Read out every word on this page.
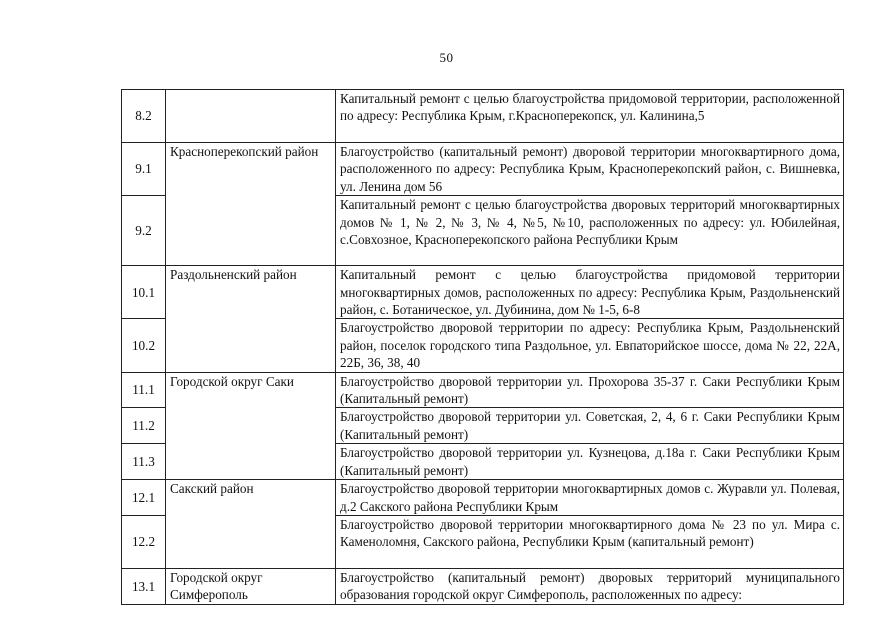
50
8.2		Капитальный ремонт с целью благоустройства придомовой территории, расположенной по адресу: Республика Крым, г.Красноперекопск, ул. Калинина,5
9.1	Красноперекопский район	Благоустройство (капитальный ремонт) дворовой территории многоквартирного дома, расположенного по адресу: Республика Крым, Красноперекопский район, с. Вишневка, ул. Ленина дом 56
9.2		Капитальный ремонт с целью благоустройства дворовых территорий многоквартирных домов № 1, № 2, № 3, № 4, №5, №10, расположенных по адресу: ул. Юбилейная, с.Совхозное, Красноперекопского района Республики Крым
10.1	Раздольненский район	Капитальный ремонт с целью благоустройства придомовой территории многоквартирных домов, расположенных по адресу: Республика Крым, Раздольненский район, с. Ботаническое, ул. Дубинина, дом № 1-5, 6-8
10.2		Благоустройство дворовой территории по адресу: Республика Крым, Раздольненский район, поселок городского типа Раздольное, ул. Евпаторийское шоссе, дома № 22, 22А, 22Б, 36, 38, 40
11.1	Городской округ Саки	Благоустройство дворовой территории ул. Прохорова 35-37 г. Саки Республики Крым (Капитальный ремонт)
11.2		Благоустройство дворовой территории ул. Советская, 2, 4, 6 г. Саки Республики Крым (Капитальный ремонт)
11.3		Благоустройство дворовой территории ул. Кузнецова, д.18а г. Саки Республики Крым (Капитальный ремонт)
12.1	Сакский район	Благоустройство дворовой территории многоквартирных домов с. Журавли ул. Полевая, д.2 Сакского района Республики Крым
12.2		Благоустройство дворовой территории многоквартирного дома № 23 по ул. Мира с. Каменоломня, Сакского района, Республики Крым (капитальный ремонт)
13.1	Городской округ Симферополь	Благоустройство (капитальный ремонт) дворовых территорий муниципального образования городской округ Симферополь, расположенных по адресу:
